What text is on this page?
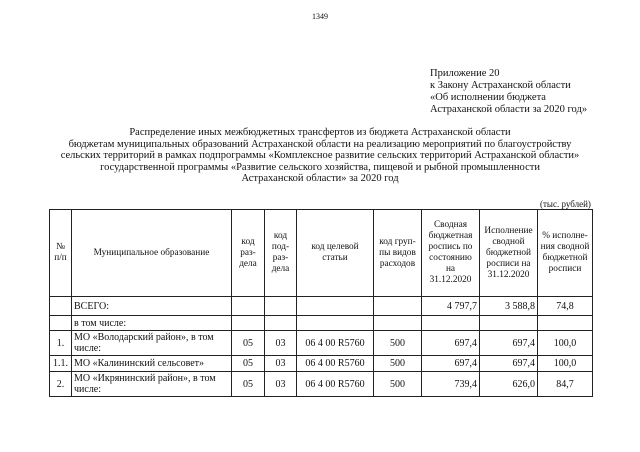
1349
Приложение 20
к Закону Астраханской области
«Об исполнении бюджета
Астраханской области за 2020 год»
Распределение иных межбюджетных трансфертов из бюджета Астраханской области
бюджетам муниципальных образований Астраханской области на реализацию мероприятий по благоустройству
сельских территорий в рамках подпрограммы «Комплексное развитие сельских территорий Астраханской области»
государственной программы «Развитие сельского хозяйства, пищевой и рыбной промышленности
Астраханской области» за 2020 год
(тыс. рублей)
№ п/п	Муниципальное образование	код раз-дела	код под-раз-дела	код целевой статьи	код груп-пы видов расходов	Сводная бюджетная роспись по состоянию на 31.12.2020	Исполнение сводной бюджетной росписи на 31.12.2020	% исполне-ния сводной бюджетной росписи
	ВСЕГО:					4 797,7	3 588,8	74,8
	в том числе:							
1.	МО «Володарский район», в том числе:	05	03	06 4 00 R5760	500	697,4	697,4	100,0
1.1.	МО «Калининский сельсовет»	05	03	06 4 00 R5760	500	697,4	697,4	100,0
2.	МО «Икрянинский район», в том числе:	05	03	06 4 00 R5760	500	739,4	626,0	84,7
